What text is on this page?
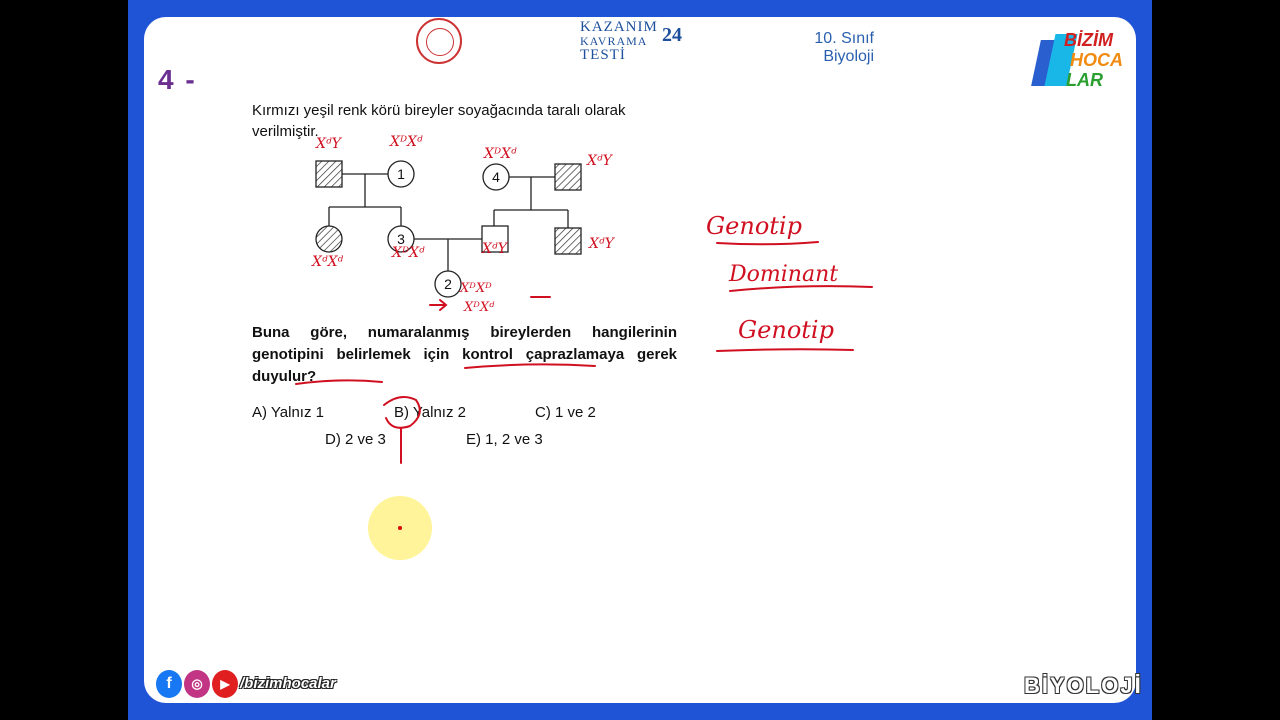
KAZANIM
KAVRAMA
TESTİ
24	10. Sınıf
Biyoloji
BİZİM
HOCA
LAR
4 -
Kırmızı yeşil renk körü bireyler soyağacında taralı olarak verilmiştir.
1	4
3
2
Buna göre, numaralanmış bireylerden hangilerinin genotipini belirlemek için kontrol çaprazlamaya gerek duyulur?
A) Yalnız 1	B) Yalnız 2	C) 1 ve 2
D) 2 ve 3	E) 1, 2 ve 3
XᵈY	XᴰXᵈ
XᴰXᵈ	XᵈY
XᵈXᵈ
XᴰXᵈ	XᵈY	XᵈY
XᴰXᴰ
XᴰXᵈ
Genotip
Dominant
Genotip
f	◎	▶ /bizimhocalar	BİYOLOJİ
